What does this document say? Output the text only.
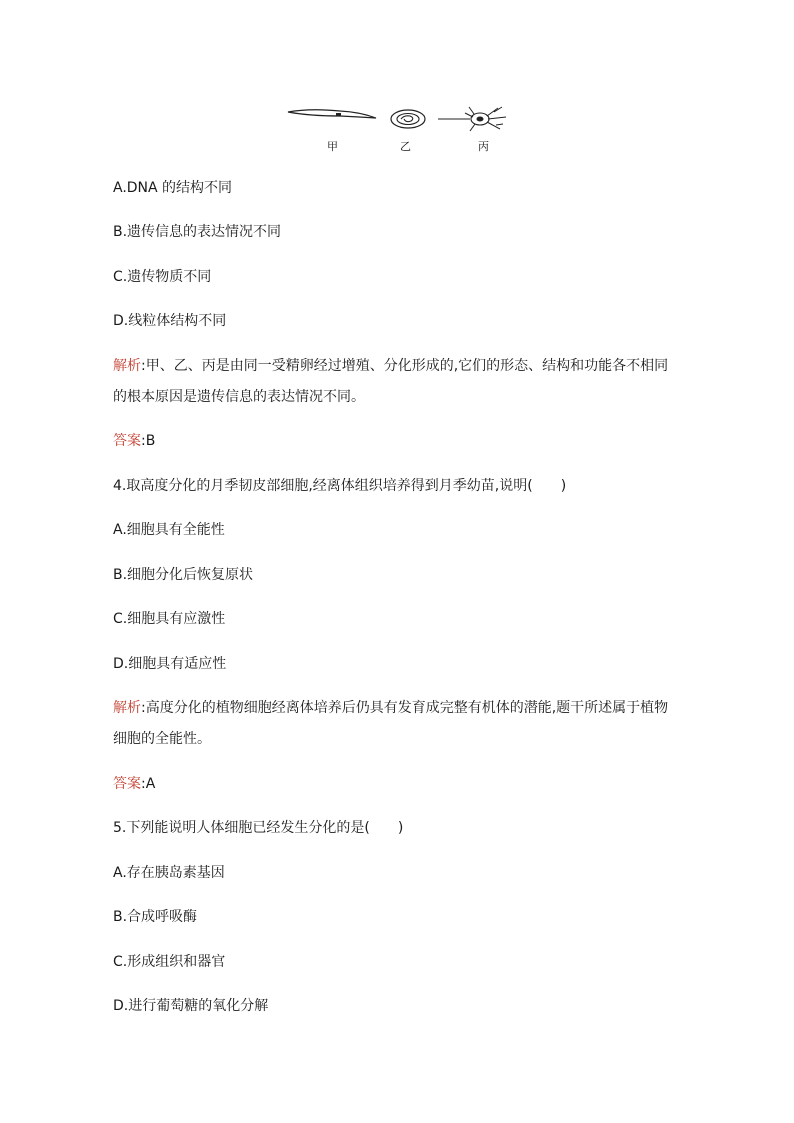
甲	乙	丙
A.DNA 的结构不同
B.遗传信息的表达情况不同
C.遗传物质不同
D.线粒体结构不同
解析:甲、乙、丙是由同一受精卵经过增殖、分化形成的,它们的形态、结构和功能各不相同
的根本原因是遗传信息的表达情况不同。
答案:B
4.取高度分化的月季韧皮部细胞,经离体组织培养得到月季幼苗,说明(　　)
A.细胞具有全能性
B.细胞分化后恢复原状
C.细胞具有应激性
D.细胞具有适应性
解析:高度分化的植物细胞经离体培养后仍具有发育成完整有机体的潜能,题干所述属于植物
细胞的全能性。
答案:A
5.下列能说明人体细胞已经发生分化的是(　　)
A.存在胰岛素基因
B.合成呼吸酶
C.形成组织和器官
D.进行葡萄糖的氧化分解
